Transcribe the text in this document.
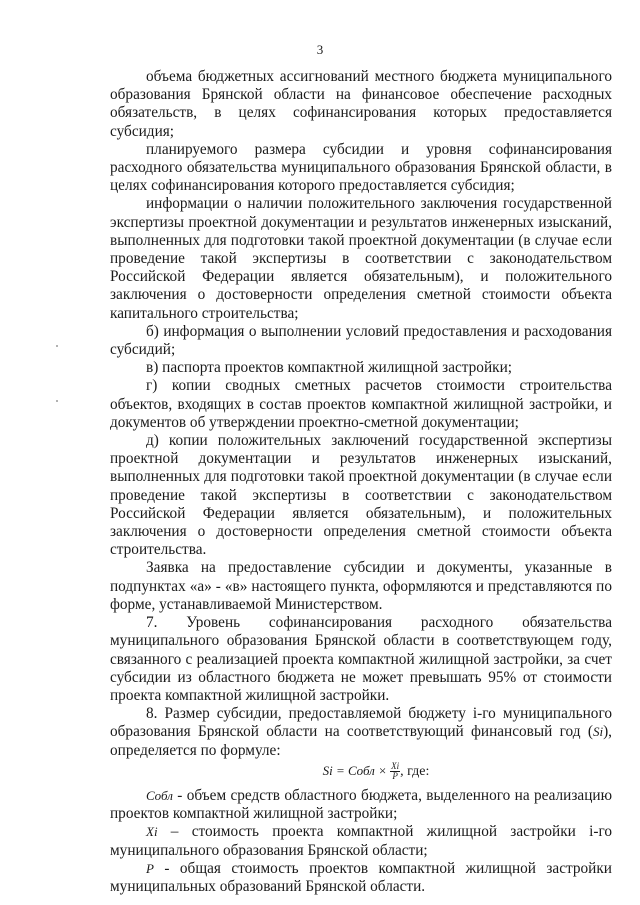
3

объема бюджетных ассигнований местного бюджета муниципального образования Брянской области на финансовое обеспечение расходных обязательств, в целях софинансирования которых предоставляется субсидия;

планируемого размера субсидии и уровня софинансирования расходного обязательства муниципального образования Брянской области, в целях софинансирования которого предоставляется субсидия;

информации о наличии положительного заключения государственной экспертизы проектной документации и результатов инженерных изысканий, выполненных для подготовки такой проектной документации (в случае если проведение такой экспертизы в соответствии с законодательством Российской Федерации является обязательным), и положительного заключения о достоверности определения сметной стоимости объекта капитального строительства;

б) информация о выполнении условий предоставления и расходования субсидий;

в) паспорта проектов компактной жилищной застройки;

г) копии сводных сметных расчетов стоимости строительства объектов, входящих в состав проектов компактной жилищной застройки, и документов об утверждении проектно-сметной документации;

д) копии положительных заключений государственной экспертизы проектной документации и результатов инженерных изысканий, выполненных для подготовки такой проектной документации (в случае если проведение такой экспертизы в соответствии с законодательством Российской Федерации является обязательным), и положительных заключения о достоверности определения сметной стоимости объекта строительства.

Заявка на предоставление субсидии и документы, указанные в подпунктах «а» - «в» настоящего пункта, оформляются и представляются по форме, устанавливаемой Министерством.

7. Уровень софинансирования расходного обязательства муниципального образования Брянской области в соответствующем году, связанного с реализацией проекта компактной жилищной застройки, за счет субсидии из областного бюджета не может превышать 95% от стоимости проекта компактной жилищной застройки.

8. Размер субсидии, предоставляемой бюджету i-го муниципального образования Брянской области на соответствующий финансовый год (Si), определяется по формуле:

Si = Cобл × $\frac{Xi}{P}$ , где:

Cобл - объем средств областного бюджета, выделенного на реализацию проектов компактной жилищной застройки;

Xi – стоимость проекта компактной жилищной застройки i-го муниципального образования Брянской области;

P - общая стоимость проектов компактной жилищной застройки муниципальных образований Брянской области.
